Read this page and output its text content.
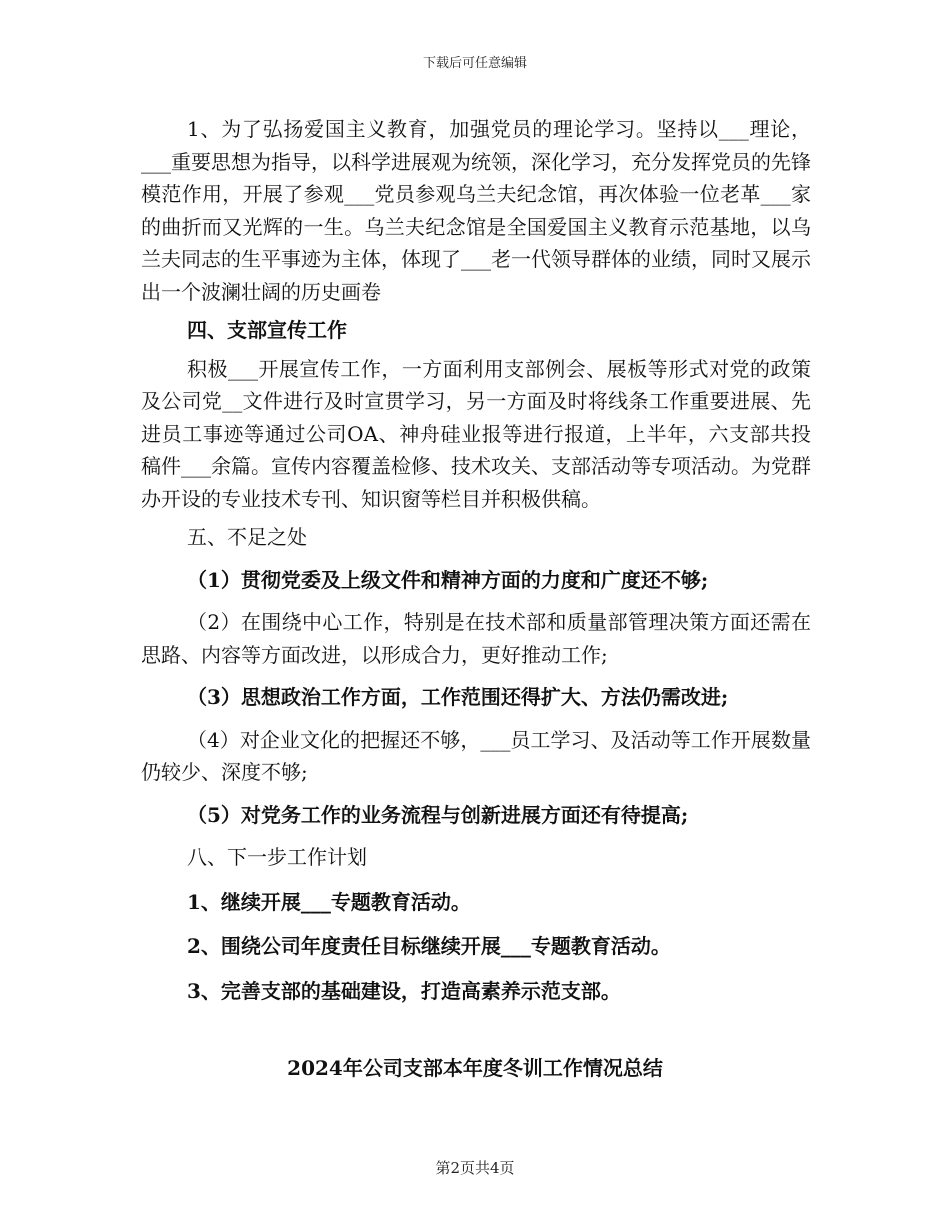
下载后可任意编辑

1、为了弘扬爱国主义教育，加强党员的理论学习。坚持以___理论，___重要思想为指导，以科学进展观为统领，深化学习，充分发挥党员的先锋模范作用，开展了参观___党员参观乌兰夫纪念馆，再次体验一位老革___家的曲折而又光辉的一生。乌兰夫纪念馆是全国爱国主义教育示范基地，以乌兰夫同志的生平事迹为主体，体现了___老一代领导群体的业绩，同时又展示出一个波澜壮阔的历史画卷

四、支部宣传工作

积极___开展宣传工作，一方面利用支部例会、展板等形式对党的政策及公司党__文件进行及时宣贯学习，另一方面及时将线条工作重要进展、先进员工事迹等通过公司OA、神舟硅业报等进行报道，上半年，六支部共投稿件___余篇。宣传内容覆盖检修、技术攻关、支部活动等专项活动。为党群办开设的专业技术专刊、知识窗等栏目并积极供稿。

五、不足之处

（1）贯彻党委及上级文件和精神方面的力度和广度还不够;

（2）在围绕中心工作，特别是在技术部和质量部管理决策方面还需在思路、内容等方面改进，以形成合力，更好推动工作;

（3）思想政治工作方面，工作范围还得扩大、方法仍需改进;

（4）对企业文化的把握还不够，___员工学习、及活动等工作开展数量仍较少、深度不够;

（5）对党务工作的业务流程与创新进展方面还有待提高;

八、下一步工作计划

1、继续开展___专题教育活动。

2、围绕公司年度责任目标继续开展___专题教育活动。

3、完善支部的基础建设，打造高素养示范支部。

2024年公司支部本年度冬训工作情况总结
第2页共4页
